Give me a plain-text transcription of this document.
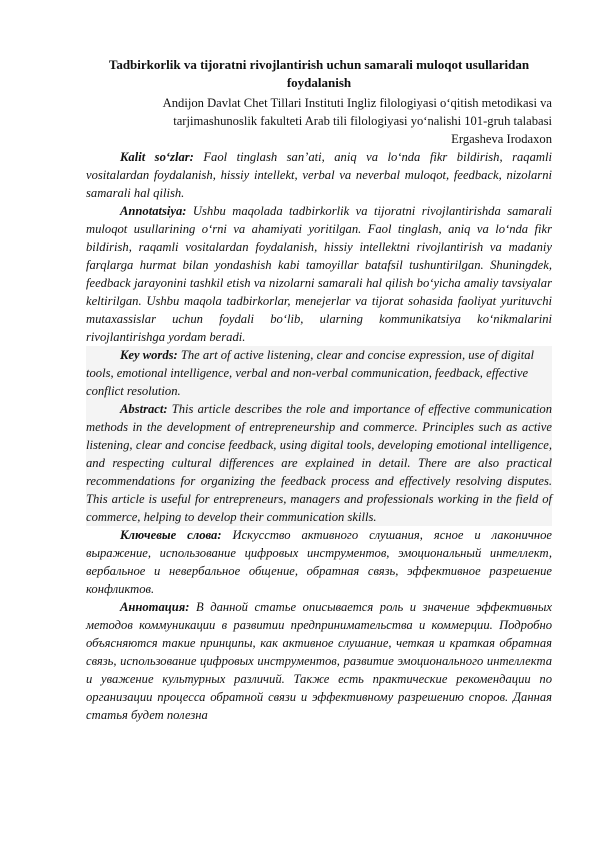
Tadbirkorlik va tijoratni rivojlantirish uchun samarali muloqot usullaridan foydalanish

Andijon Davlat Chet Tillari Instituti Ingliz filologiyasi o‘qitish metodikasi va tarjimashunoslik fakulteti Arab tili filologiyasi yo‘nalishi 101-gruh talabasi

Ergasheva Irodaxon

Kalit so‘zlar: Faol tinglash san’ati, aniq va lo‘nda fikr bildirish, raqamli vositalardan foydalanish, hissiy intellekt, verbal va neverbal muloqot, feedback, nizolarni samarali hal qilish.

Annotatsiya: Ushbu maqolada tadbirkorlik va tijoratni rivojlantirishda samarali muloqot usullarining o‘rni va ahamiyati yoritilgan. Faol tinglash, aniq va lo‘nda fikr bildirish, raqamli vositalardan foydalanish, hissiy intellektni rivojlantirish va madaniy farqlarga hurmat bilan yondashish kabi tamoyillar batafsil tushuntirilgan. Shuningdek, feedback jarayonini tashkil etish va nizolarni samarali hal qilish bo‘yicha amaliy tavsiyalar keltirilgan. Ushbu maqola tadbirkorlar, menejerlar va tijorat sohasida faoliyat yurituvchi mutaxassislar uchun foydali bo‘lib, ularning kommunikatsiya ko‘nikmalarini rivojlantirishga yordam beradi.

Key words: The art of active listening, clear and concise expression, use of digital tools, emotional intelligence, verbal and non-verbal communication, feedback, effective conflict resolution.

Abstract: This article describes the role and importance of effective communication methods in the development of entrepreneurship and commerce. Principles such as active listening, clear and concise feedback, using digital tools, developing emotional intelligence, and respecting cultural differences are explained in detail. There are also practical recommendations for organizing the feedback process and effectively resolving disputes. This article is useful for entrepreneurs, managers and professionals working in the field of commerce, helping to develop their communication skills.

Ключевые слова: Искусство активного слушания, ясное и лаконичное выражение, использование цифровых инструментов, эмоциональный интеллект, вербальное и невербальное общение, обратная связь, эффективное разрешение конфликтов.

Аннотация: В данной статье описывается роль и значение эффективных методов коммуникации в развитии предпринимательства и коммерции. Подробно объясняются такие принципы, как активное слушание, четкая и краткая обратная связь, использование цифровых инструментов, развитие эмоционального интеллекта и уважение культурных различий. Также есть практические рекомендации по организации процесса обратной связи и эффективному разрешению споров. Данная статья будет полезна
